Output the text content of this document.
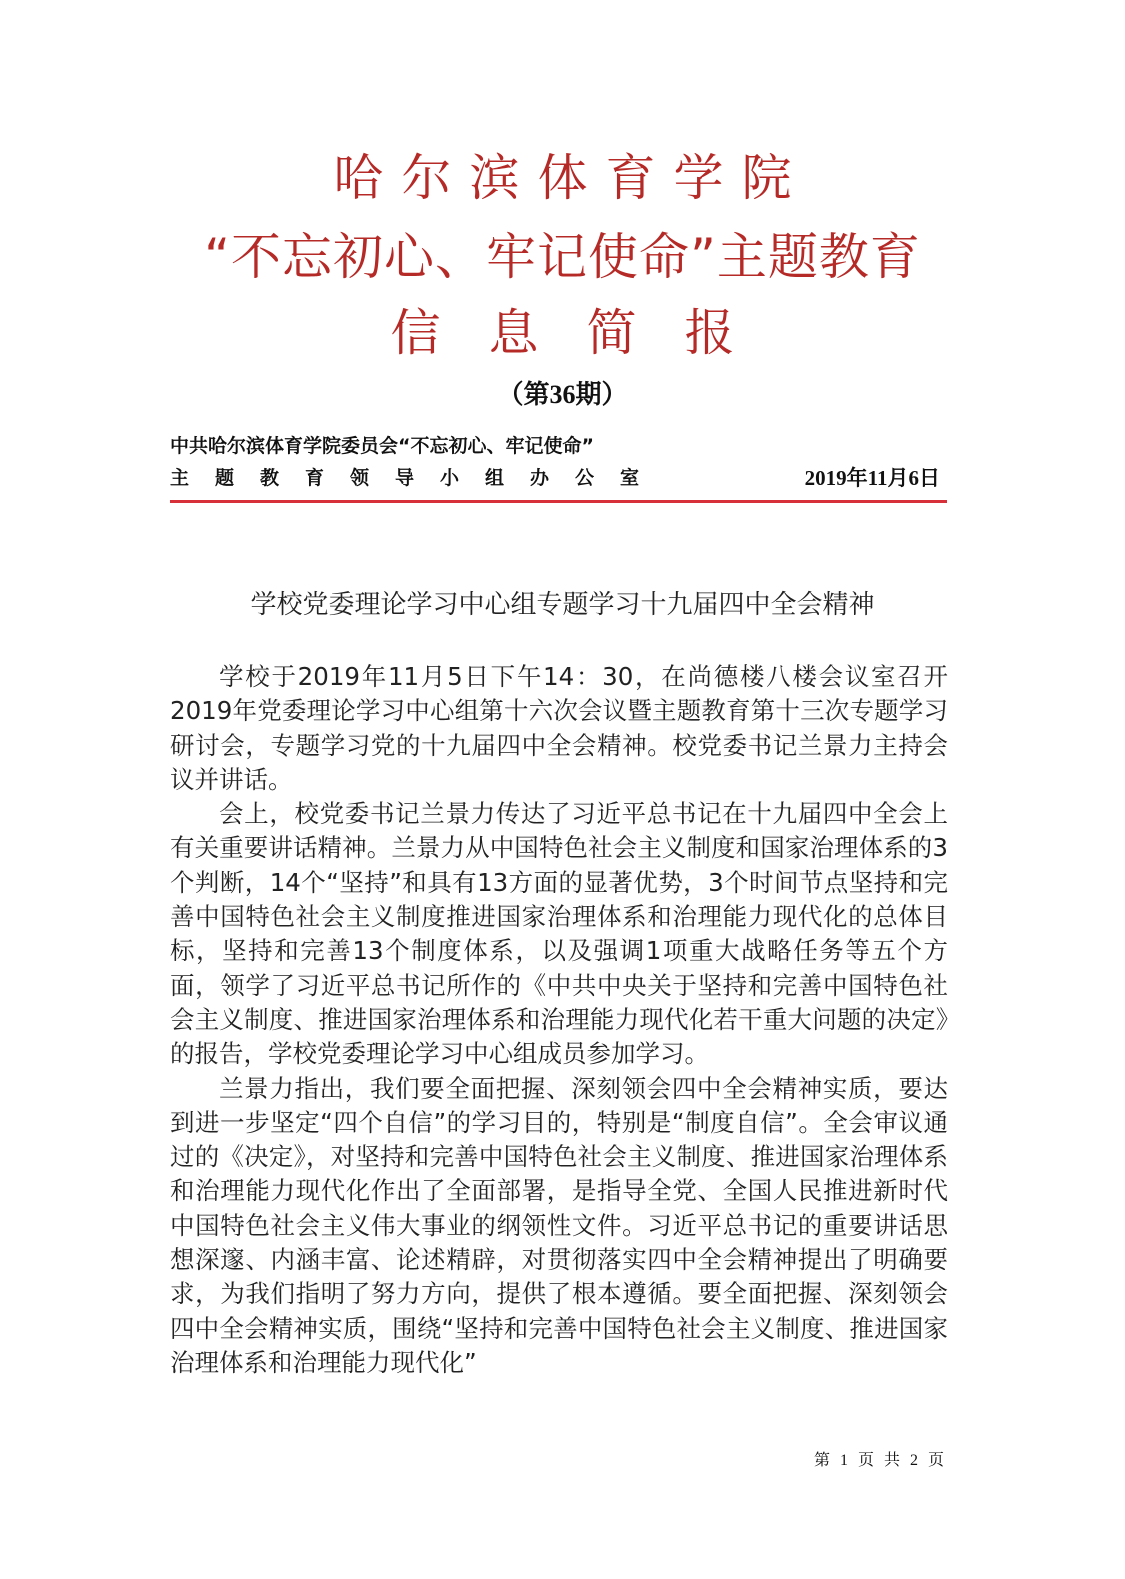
哈尔滨体育学院
“不忘初心、牢记使命”主题教育
信息简报
（第36期）
中共哈尔滨体育学院委员会“不忘初心、牢记使命”
主题教育领导小组办公室	2019年11月6日
学校党委理论学习中心组专题学习十九届四中全会精神

学校于2019年11月5日下午14：30，在尚德楼八楼会议室召开2019年党委理论学习中心组第十六次会议暨主题教育第十三次专题学习研讨会，专题学习党的十九届四中全会精神。校党委书记兰景力主持会议并讲话。

会上，校党委书记兰景力传达了习近平总书记在十九届四中全会上有关重要讲话精神。兰景力从中国特色社会主义制度和国家治理体系的3个判断，14个“坚持”和具有13方面的显著优势，3个时间节点坚持和完善中国特色社会主义制度推进国家治理体系和治理能力现代化的总体目标，坚持和完善13个制度体系，以及强调1项重大战略任务等五个方面，领学了习近平总书记所作的《中共中央关于坚持和完善中国特色社会主义制度、推进国家治理体系和治理能力现代化若干重大问题的决定》的报告，学校党委理论学习中心组成员参加学习。

兰景力指出，我们要全面把握、深刻领会四中全会精神实质，要达到进一步坚定“四个自信”的学习目的，特别是“制度自信”。全会审议通过的《决定》，对坚持和完善中国特色社会主义制度、推进国家治理体系和治理能力现代化作出了全面部署，是指导全党、全国人民推进新时代中国特色社会主义伟大事业的纲领性文件。习近平总书记的重要讲话思想深邃、内涵丰富、论述精辟，对贯彻落实四中全会精神提出了明确要求，为我们指明了努力方向，提供了根本遵循。要全面把握、深刻领会四中全会精神实质，围绕“坚持和完善中国特色社会主义制度、推进国家治理体系和治理能力现代化”

第 1 页 共 2 页
